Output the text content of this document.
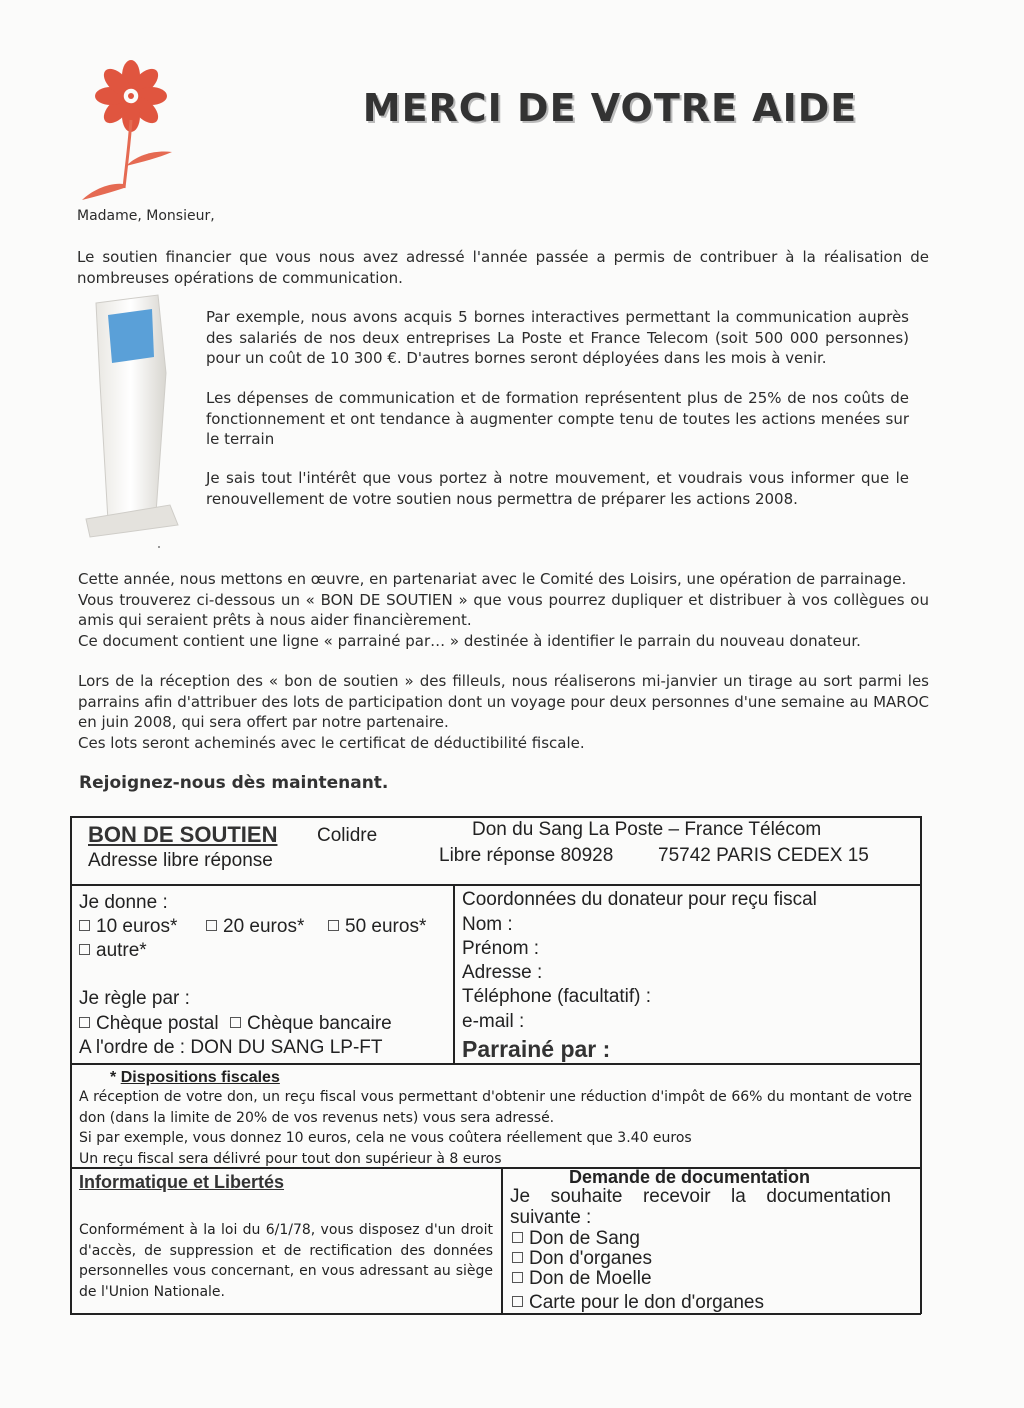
MERCI DE VOTRE AIDE
Madame, Monsieur,
Le soutien financier que vous nous avez adressé l'année passée a permis de contribuer à la réalisation de nombreuses opérations de communication.
Par exemple, nous avons acquis 5 bornes interactives permettant la communication auprès des salariés de nos deux entreprises La Poste et France Telecom (soit 500 000 personnes) pour un coût de 10 300 €. D'autres bornes seront déployées dans les mois à venir.
Les dépenses de communication et de formation représentent plus de 25% de nos coûts de fonctionnement et ont tendance à augmenter compte tenu de toutes les actions menées sur le terrain
Je sais tout l'intérêt que vous portez à notre mouvement, et voudrais vous informer que le renouvellement de votre soutien nous permettra de préparer les actions 2008.
Cette année, nous mettons en œuvre, en partenariat avec le Comité des Loisirs, une opération de parrainage.
Vous trouverez ci-dessous un « BON DE SOUTIEN » que vous pourrez dupliquer et distribuer à vos collègues ou amis qui seraient prêts à nous aider financièrement.
Ce document contient une ligne « parrainé par… » destinée à identifier le parrain du nouveau donateur.
Lors de la réception des « bon de soutien » des filleuls, nous réaliserons mi-janvier un tirage au sort parmi les parrains afin d'attribuer des lots de participation dont un voyage pour deux personnes d'une semaine au MAROC en juin 2008, qui sera offert par notre partenaire.
Ces lots seront acheminés avec le certificat de déductibilité fiscale.
Rejoignez-nous dès maintenant.
BON DE SOUTIEN Colidre
Adresse libre réponse
Don du Sang La Poste – France Télécom
Libre réponse 80928 75742 PARIS CEDEX 15
Je donne :
10 euros*	20 euros*	50 euros*
autre*
Je règle par :
Chèque postal	Chèque bancaire
A l'ordre de : DON DU SANG LP-FT
Coordonnées du donateur pour reçu fiscal
Nom :
Prénom :
Adresse :
Téléphone (facultatif) :
e-mail :
Parrainé par :
* Dispositions fiscales
A réception de votre don, un reçu fiscal vous permettant d'obtenir une réduction d'impôt de 66% du montant de votre don (dans la limite de 20% de vos revenus nets) vous sera adressé.
Si par exemple, vous donnez 10 euros, cela ne vous coûtera réellement que 3.40 euros
Un reçu fiscal sera délivré pour tout don supérieur à 8 euros
Informatique et Libertés
Conformément à la loi du 6/1/78, vous disposez d'un droit d'accès, de suppression et de rectification des données personnelles vous concernant, en vous adressant au siège de l'Union Nationale.
Demande de documentation
Je souhaite recevoir la documentation suivante :
Don de Sang
Don d'organes
Don de Moelle
Carte pour le don d'organes
